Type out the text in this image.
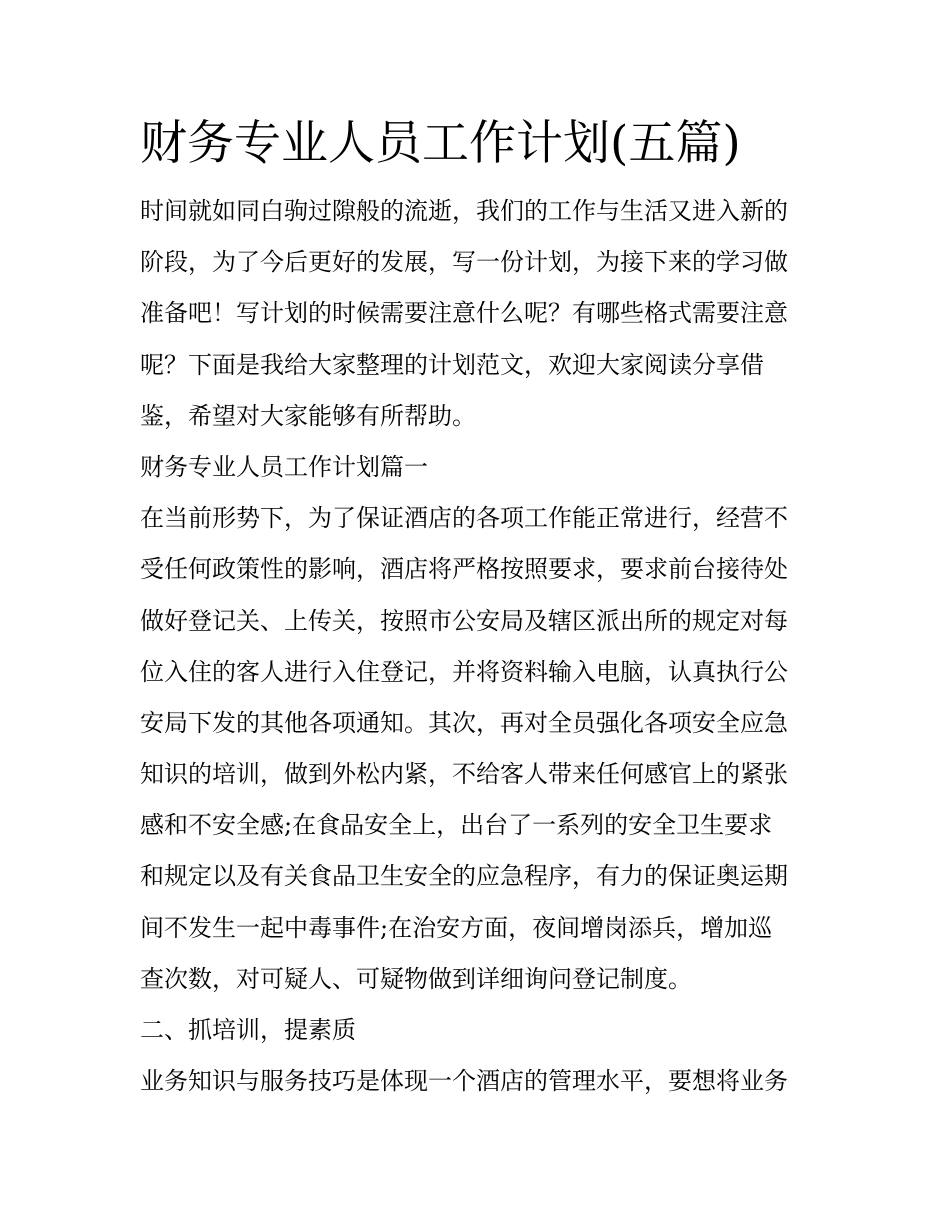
财务专业人员工作计划(五篇)
时间就如同白驹过隙般的流逝，我们的工作与生活又进入新的
阶段，为了今后更好的发展，写一份计划，为接下来的学习做
准备吧！写计划的时候需要注意什么呢？有哪些格式需要注意
呢？下面是我给大家整理的计划范文，欢迎大家阅读分享借
鉴，希望对大家能够有所帮助。
财务专业人员工作计划篇一
在当前形势下，为了保证酒店的各项工作能正常进行，经营不
受任何政策性的影响，酒店将严格按照要求，要求前台接待处
做好登记关、上传关，按照市公安局及辖区派出所的规定对每
位入住的客人进行入住登记，并将资料输入电脑，认真执行公
安局下发的其他各项通知。其次，再对全员强化各项安全应急
知识的培训，做到外松内紧，不给客人带来任何感官上的紧张
感和不安全感;在食品安全上，出台了一系列的安全卫生要求
和规定以及有关食品卫生安全的应急程序，有力的保证奥运期
间不发生一起中毒事件;在治安方面，夜间增岗添兵，增加巡
查次数，对可疑人、可疑物做到详细询问登记制度。
二、抓培训，提素质
业务知识与服务技巧是体现一个酒店的管理水平，要想将业务
